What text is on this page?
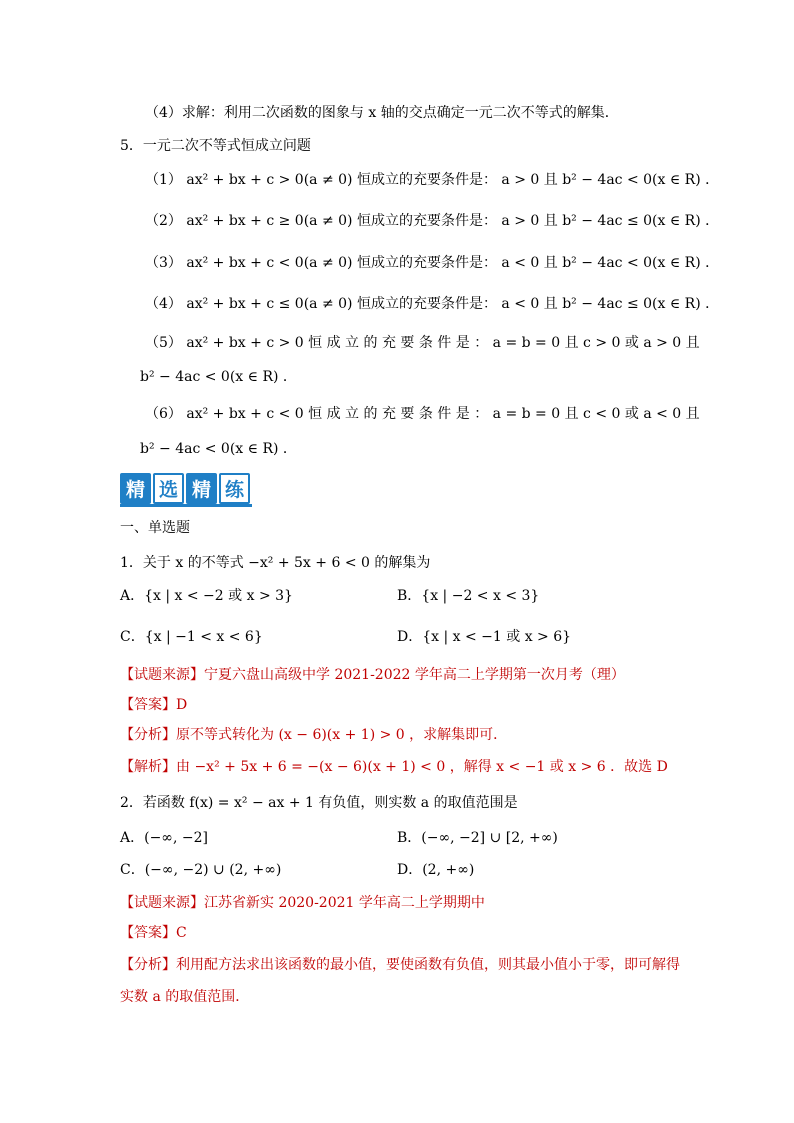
（4）求解：利用二次函数的图象与 x 轴的交点确定一元二次不等式的解集．
5．一元二次不等式恒成立问题
（1） ax² + bx + c > 0(a ≠ 0) 恒成立的充要条件是： a > 0 且 b² − 4ac < 0(x ∈ R) ．
（2） ax² + bx + c ≥ 0(a ≠ 0) 恒成立的充要条件是： a > 0 且 b² − 4ac ≤ 0(x ∈ R) ．
（3） ax² + bx + c < 0(a ≠ 0) 恒成立的充要条件是： a < 0 且 b² − 4ac < 0(x ∈ R) ．
（4） ax² + bx + c ≤ 0(a ≠ 0) 恒成立的充要条件是： a < 0 且 b² − 4ac ≤ 0(x ∈ R) ．
（5） ax² + bx + c > 0 恒 成 立 的 充 要 条 件 是 ： a = b = 0 且 c > 0 或 a > 0 且
b² − 4ac < 0(x ∈ R) ．
（6） ax² + bx + c < 0 恒 成 立 的 充 要 条 件 是 ： a = b = 0 且 c < 0 或 a < 0 且
b² − 4ac < 0(x ∈ R) ．
精 选 精 练
一、单选题
1．关于 x 的不等式 −x² + 5x + 6 < 0 的解集为
A．{x | x < −2 或 x > 3}	B．{x | −2 < x < 3}
C．{x | −1 < x < 6}	D．{x | x < −1 或 x > 6}
【试题来源】宁夏六盘山高级中学 2021-2022 学年高二上学期第一次月考（理）
【答案】D
【分析】原不等式转化为 (x − 6)(x + 1) > 0 ，求解集即可．
【解析】由 −x² + 5x + 6 = −(x − 6)(x + 1) < 0 ，解得 x < −1 或 x > 6 ．故选 D
2．若函数 f(x) = x² − ax + 1 有负值，则实数 a 的取值范围是
A．(−∞, −2]	B．(−∞, −2] ∪ [2, +∞)
C．(−∞, −2) ∪ (2, +∞)	D．(2, +∞)
【试题来源】江苏省新实 2020-2021 学年高二上学期期中
【答案】C
【分析】利用配方法求出该函数的最小值，要使函数有负值，则其最小值小于零，即可解得
实数 a 的取值范围．
